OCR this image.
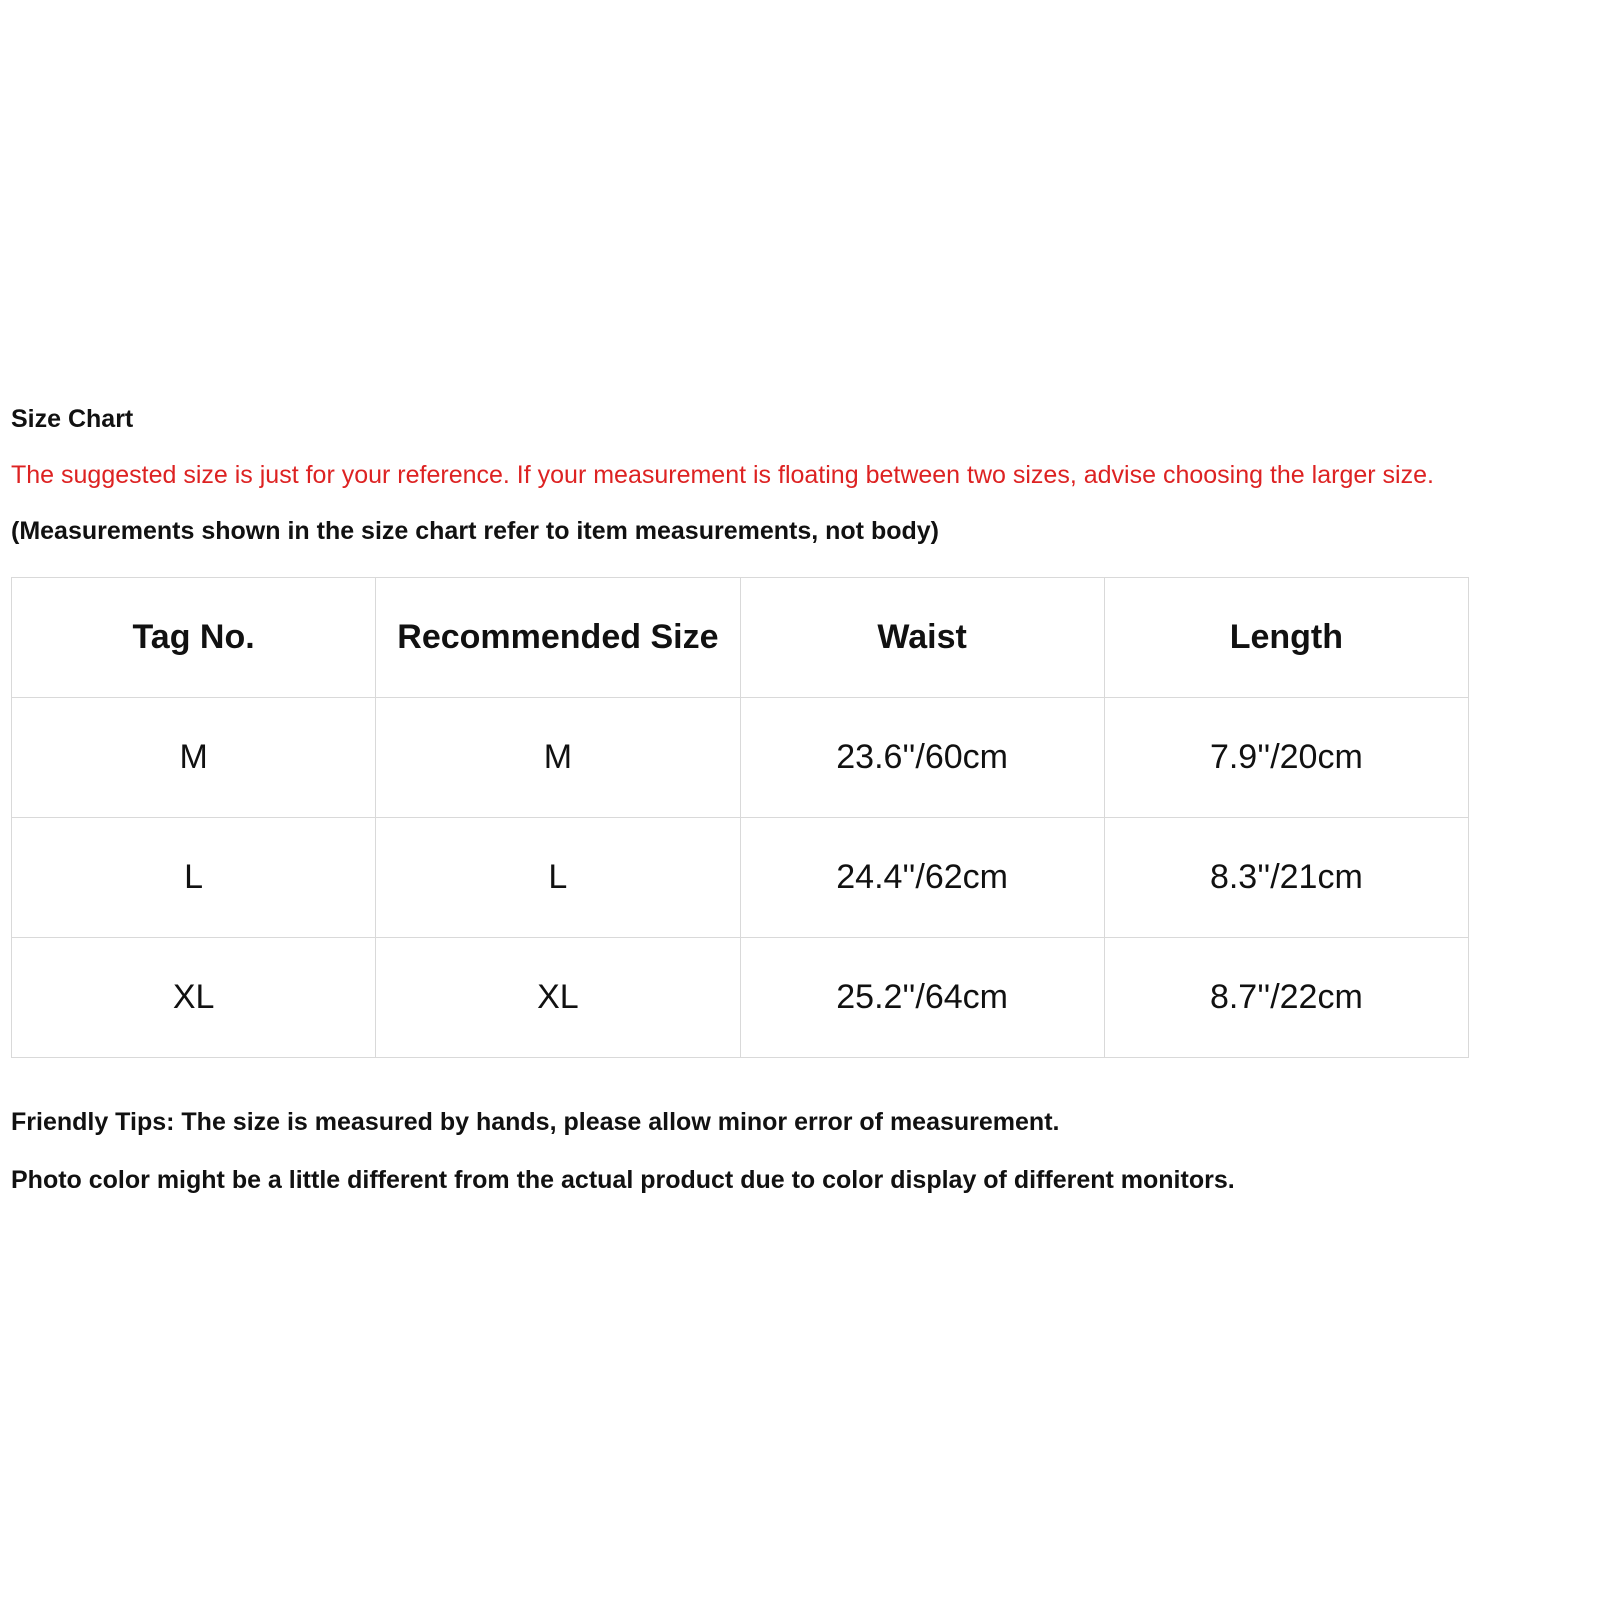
Size Chart
The suggested size is just for your reference. If your measurement is floating between two sizes, advise choosing the larger size.
(Measurements shown in the size chart refer to item measurements, not body)
Tag No.	Recommended Size	Waist	Length
M	M	23.6''/60cm	7.9''/20cm
L	L	24.4''/62cm	8.3''/21cm
XL	XL	25.2''/64cm	8.7''/22cm
Friendly Tips: The size is measured by hands, please allow minor error of measurement.
Photo color might be a little different from the actual product due to color display of different monitors.
